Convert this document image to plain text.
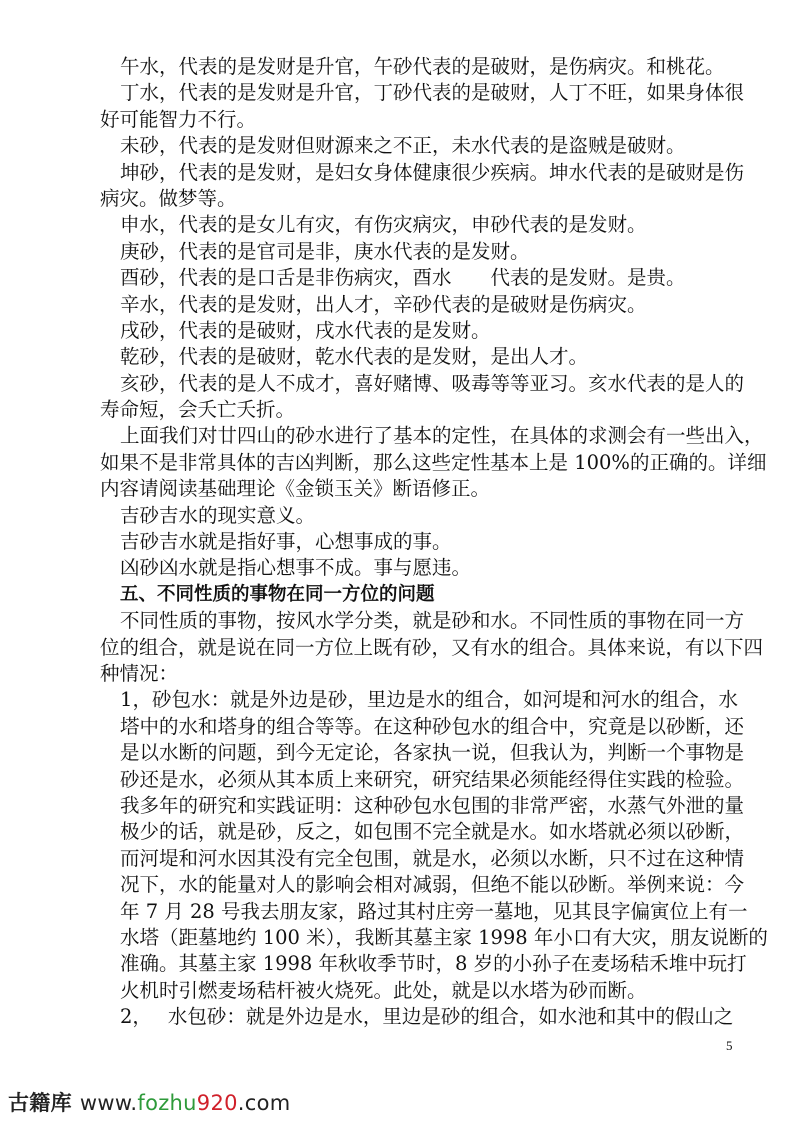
午水，代表的是发财是升官，午砂代表的是破财，是伤病灾。和桃花。
丁水，代表的是发财是升官，丁砂代表的是破财，人丁不旺，如果身体很
好可能智力不行。
未砂，代表的是发财但财源来之不正，未水代表的是盗贼是破财。
坤砂，代表的是发财，是妇女身体健康很少疾病。坤水代表的是破财是伤
病灾。做梦等。
申水，代表的是女儿有灾，有伤灾病灾，申砂代表的是发财。
庚砂，代表的是官司是非，庚水代表的是发财。
酉砂，代表的是口舌是非伤病灾，酉水　　代表的是发财。是贵。
辛水，代表的是发财，出人才，辛砂代表的是破财是伤病灾。
戌砂，代表的是破财，戌水代表的是发财。
乾砂，代表的是破财，乾水代表的是发财，是出人才。
亥砂，代表的是人不成才，喜好赌博、吸毒等等亚习。亥水代表的是人的
寿命短，会夭亡夭折。
上面我们对廿四山的砂水进行了基本的定性，在具体的求测会有一些出入，
如果不是非常具体的吉凶判断，那么这些定性基本上是 100%的正确的。详细
内容请阅读基础理论《金锁玉关》断语修正。
吉砂吉水的现实意义。
吉砂吉水就是指好事，心想事成的事。
凶砂凶水就是指心想事不成。事与愿违。
五、不同性质的事物在同一方位的问题
不同性质的事物，按风水学分类，就是砂和水。不同性质的事物在同一方
位的组合，就是说在同一方位上既有砂，又有水的组合。具体来说，有以下四
种情况：
1，砂包水：就是外边是砂，里边是水的组合，如河堤和河水的组合，水
塔中的水和塔身的组合等等。在这种砂包水的组合中，究竟是以砂断，还
是以水断的问题，到今无定论，各家执一说，但我认为，判断一个事物是
砂还是水，必须从其本质上来研究，研究结果必须能经得住实践的检验。
我多年的研究和实践证明：这种砂包水包围的非常严密，水蒸气外泄的量
极少的话，就是砂，反之，如包围不完全就是水。如水塔就必须以砂断，
而河堤和河水因其没有完全包围，就是水，必须以水断，只不过在这种情
况下，水的能量对人的影响会相对减弱，但绝不能以砂断。举例来说：今
年 7 月 28 号我去朋友家，路过其村庄旁一墓地，见其艮字偏寅位上有一
水塔（距墓地约 100 米），我断其墓主家 1998 年小口有大灾，朋友说断的
准确。其墓主家 1998 年秋收季节时，8 岁的小孙子在麦场秸禾堆中玩打
火机时引燃麦场秸杆被火烧死。此处，就是以水塔为砂而断。
2，　 水包砂：就是外边是水，里边是砂的组合，如水池和其中的假山之
5
古籍库 www.fozhu920.com
